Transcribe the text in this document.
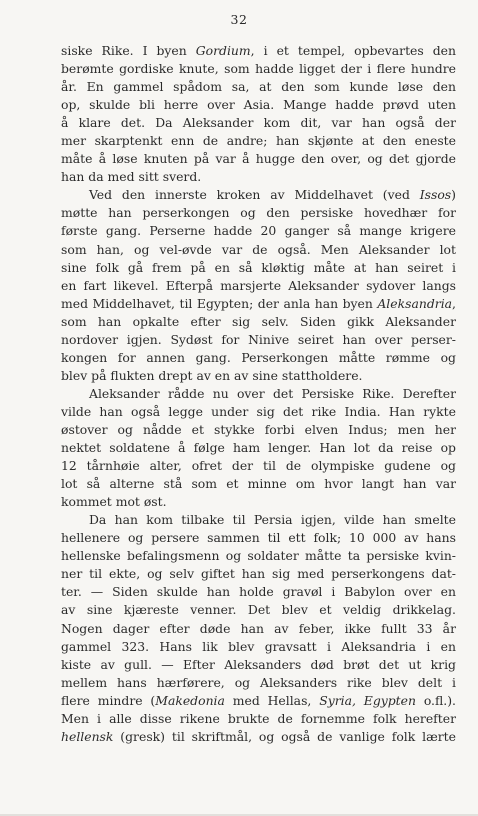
32
siske Rike. I byen Gordium, i et tempel, opbevartes den
berømte gordiske knute, som hadde ligget der i flere hundre
år. En gammel spådom sa, at den som kunde løse den
op, skulde bli herre over Asia. Mange hadde prøvd uten
å klare det. Da Aleksander kom dit, var han også der
mer skarptenkt enn de andre; han skjønte at den eneste
måte å løse knuten på var å hugge den over, og det gjorde
han da med sitt sverd.
Ved den innerste kroken av Middelhavet (ved Issos)
møtte han perserkongen og den persiske hovedhær for
første gang. Perserne hadde 20 ganger så mange krigere
som han, og vel-øvde var de også. Men Aleksander lot
sine folk gå frem på en så kløktig måte at han seiret i
en fart likevel. Efterpå marsjerte Aleksander sydover langs
med Middelhavet, til Egypten; der anla han byen Aleksandria,
som han opkalte efter sig selv. Siden gikk Aleksander
nordover igjen. Sydøst for Ninive seiret han over perser-
kongen for annen gang. Perserkongen måtte rømme og
blev på flukten drept av en av sine stattholdere.
Aleksander rådde nu over det Persiske Rike. Derefter
vilde han også legge under sig det rike India. Han rykte
østover og nådde et stykke forbi elven Indus; men her
nektet soldatene å følge ham lenger. Han lot da reise op
12 tårnhøie alter, ofret der til de olympiske gudene og
lot så alterne stå som et minne om hvor langt han var
kommet mot øst.
Da han kom tilbake til Persia igjen, vilde han smelte
hellenere og persere sammen til ett folk; 10 000 av hans
hellenske befalingsmenn og soldater måtte ta persiske kvin-
ner til ekte, og selv giftet han sig med perserkongens dat-
ter. — Siden skulde han holde gravøl i Babylon over en
av sine kjæreste venner. Det blev et veldig drikkelag.
Nogen dager efter døde han av feber, ikke fullt 33 år
gammel 323. Hans lik blev gravsatt i Aleksandria i en
kiste av gull. — Efter Aleksanders død brøt det ut krig
mellem hans hærførere, og Aleksanders rike blev delt i
flere mindre (Makedonia med Hellas, Syria, Egypten o.fl.).
Men i alle disse rikene brukte de fornemme folk herefter
hellensk (gresk) til skriftmål, og også de vanlige folk lærte
